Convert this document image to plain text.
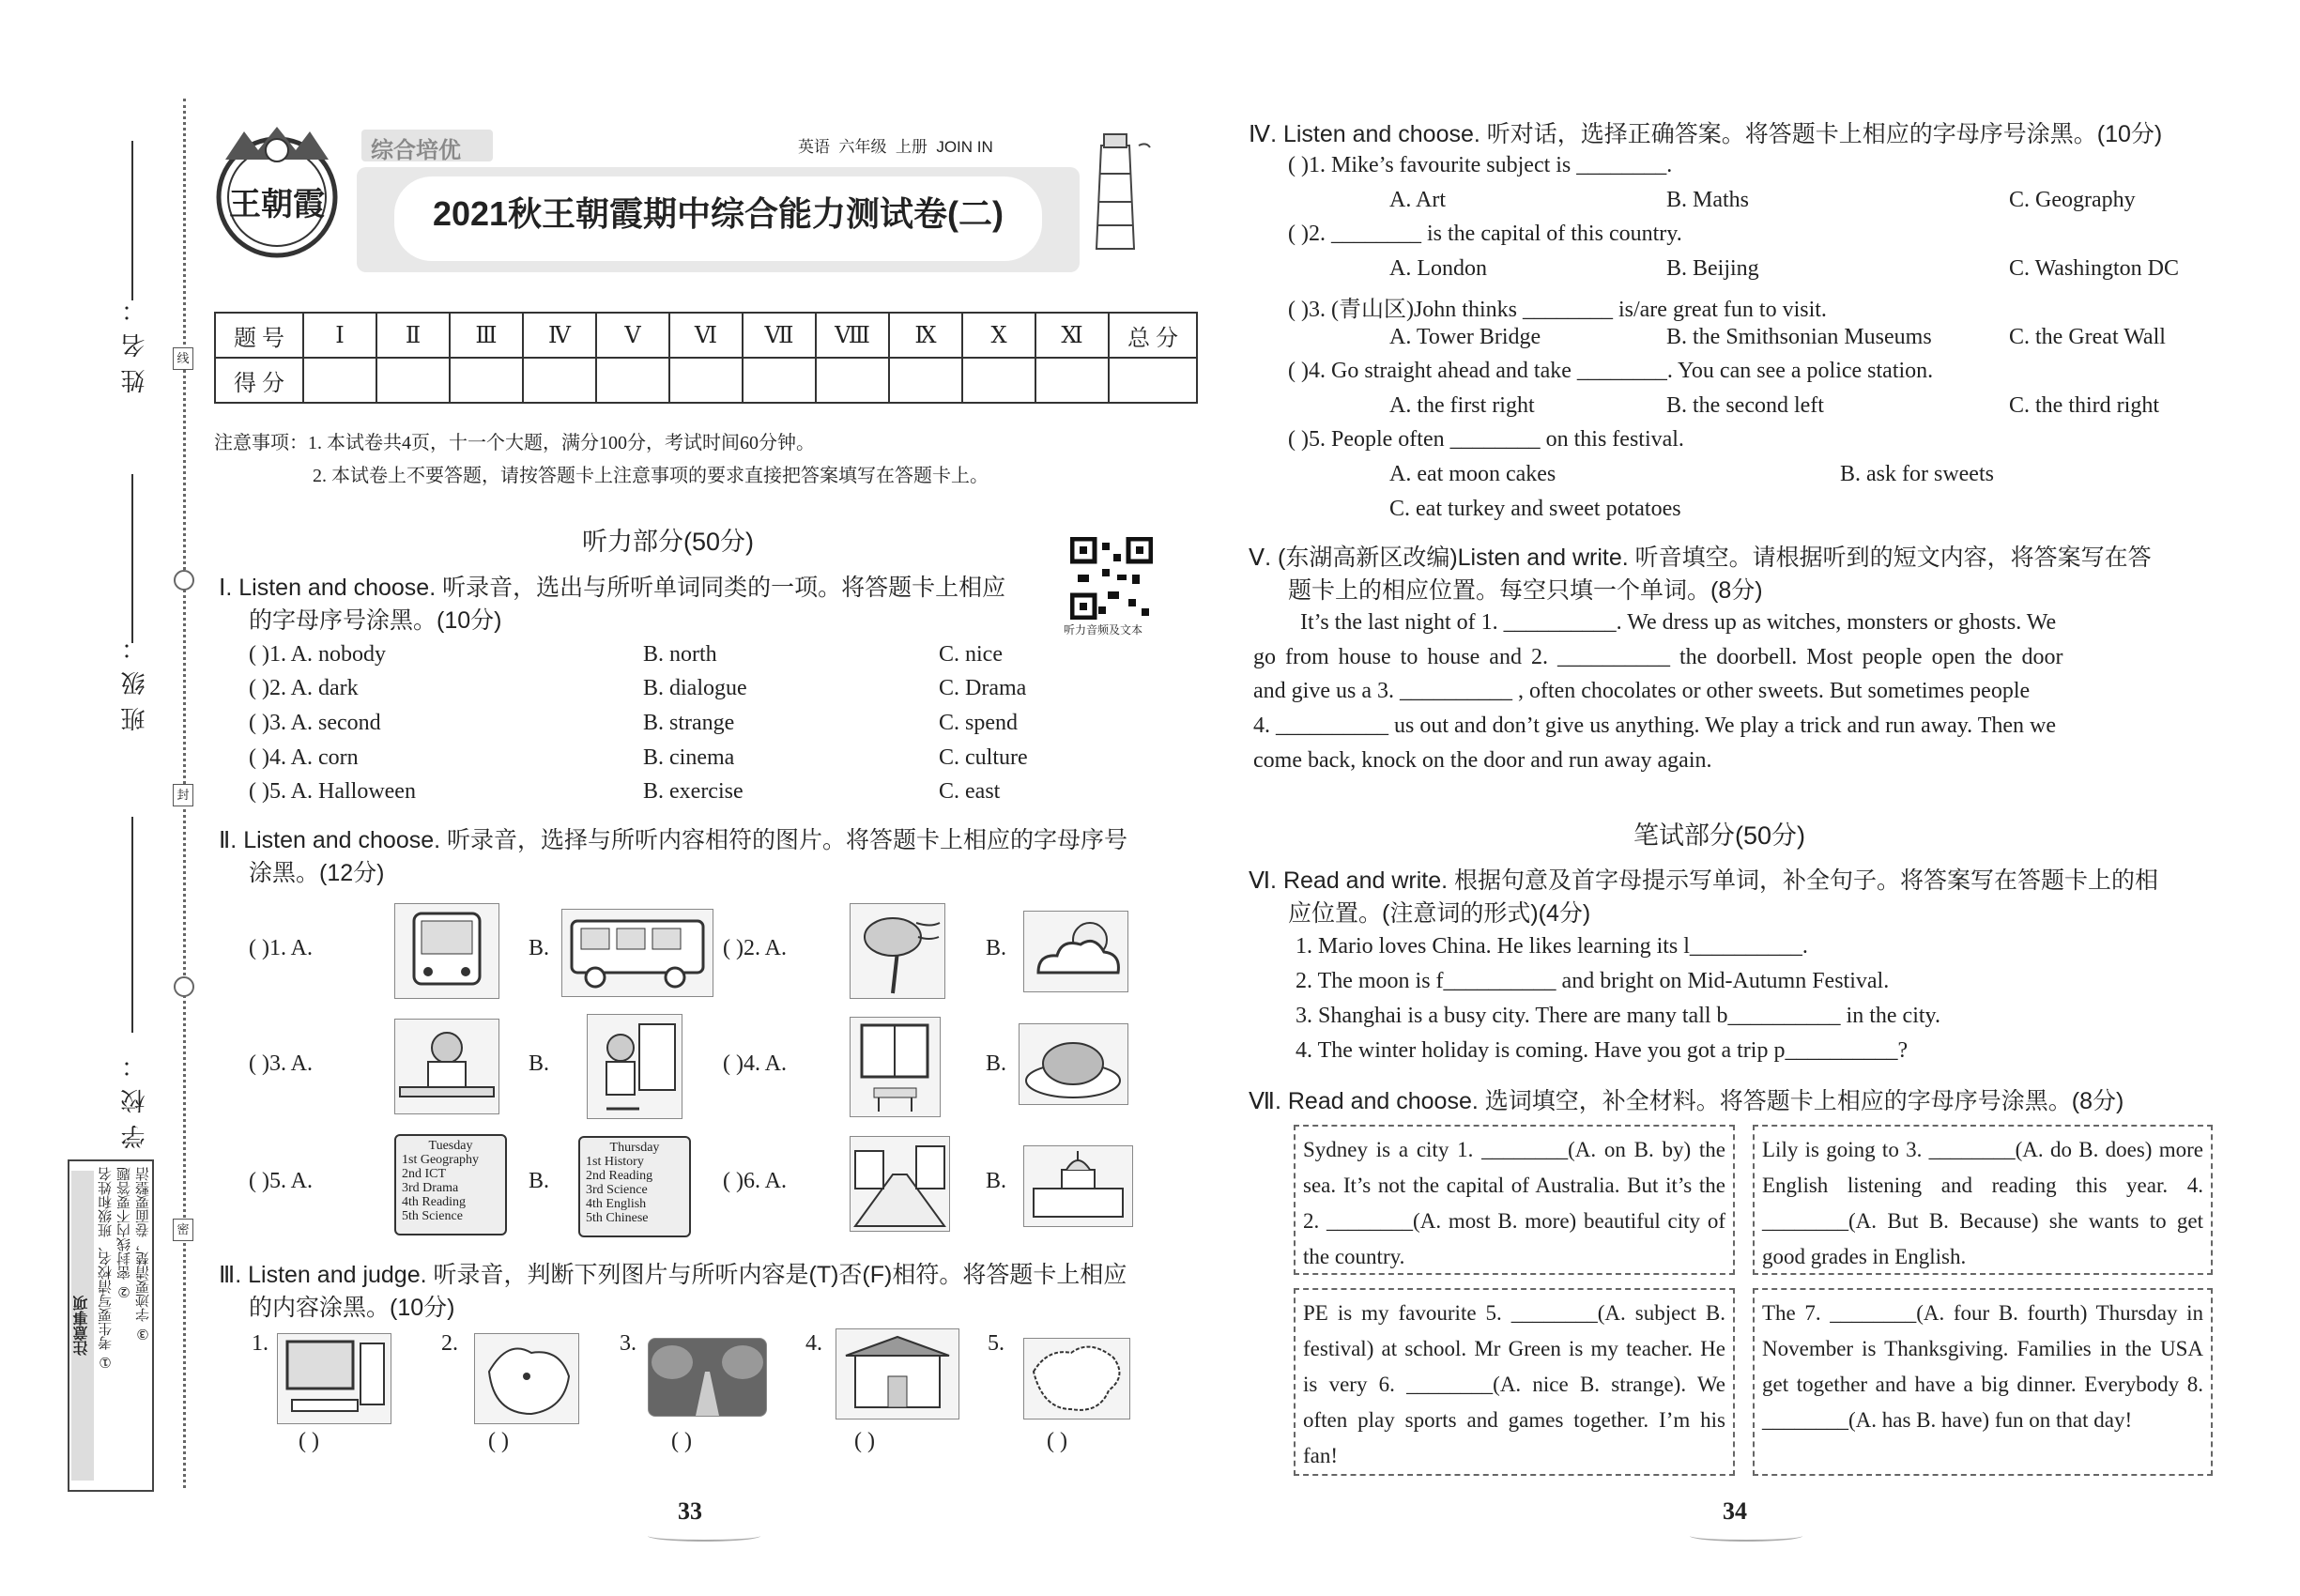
姓名：
班级：
学校：
线
封
密
注意事项 ① 考生要写清校名、班级和姓名 ② 密封线内不要答题 ③ 字迹要清楚，卷面要整洁
王朝霞
综合培优	英语  六年级  上册  JOIN IN
2021秋王朝霞期中综合能力测试卷(二)
题 号	Ⅰ	Ⅱ	Ⅲ	Ⅳ	Ⅴ	Ⅵ	Ⅶ	Ⅷ	Ⅸ	Ⅹ	Ⅺ	总 分
得 分												
注意事项：1. 本试卷共4页，十一个大题，满分100分，考试时间60分钟。
2. 本试卷上不要答题，请按答题卡上注意事项的要求直接把答案填写在答题卡上。
听力部分(50分)
听力音频及文本
Ⅰ. Listen and choose. 听录音，选出与所听单词同类的一项。将答题卡上相应
的字母序号涂黑。(10分)
( )1. A. nobody	B. north	C. nice
( )2. A. dark	B. dialogue	C. Drama
( )3. A. second	B. strange	C. spend
( )4. A. corn	B. cinema	C. culture
( )5. A. Halloween	B. exercise	C. east
Ⅱ. Listen and choose. 听录音，选择与所听内容相符的图片。将答题卡上相应的字母序号
涂黑。(12分)
( )1. A.	B.	( )2. A.	B.
( )3. A.	B.	( )4. A.	B.
( )5. A.
Tuesday
1st Geography
2nd ICT
3rd Drama
4th Reading
5th Science
B.
Thursday
1st History
2nd Reading
3rd Science
4th English
5th Chinese
( )6. A.	B.
Ⅲ. Listen and judge. 听录音，判断下列图片与所听内容是(T)否(F)相符。将答题卡上相应
的内容涂黑。(10分)
1.
( )
2.
( )
3.
( )
4.
( )
5.
( )
33
Ⅳ. Listen and choose. 听对话，选择正确答案。将答题卡上相应的字母序号涂黑。(10分)
( )1. Mike’s favourite subject is ________.
A. Art	B. Maths	C. Geography
( )2. ________ is the capital of this country.
A. London	B. Beijing	C. Washington DC
( )3. (青山区)John thinks ________ is/are great fun to visit.
A. Tower Bridge	B. the Smithsonian Museums	C. the Great Wall
( )4. Go straight ahead and take ________. You can see a police station.
A. the first right	B. the second left	C. the third right
( )5. People often ________ on this festival.
A. eat moon cakes	B. ask for sweets
C. eat turkey and sweet potatoes
Ⅴ. (东湖高新区改编)Listen and write. 听音填空。请根据听到的短文内容，将答案写在答
题卡上的相应位置。每空只填一个单词。(8分)
It’s the last night of 1. __________. We dress up as witches, monsters or ghosts. We
go from house to house and 2. __________ the doorbell. Most people open the door
and give us a 3. __________ , often chocolates or other sweets. But sometimes people
4. __________ us out and don’t give us anything. We play a trick and run away. Then we
come back, knock on the door and run away again.
笔试部分(50分)
Ⅵ. Read and write. 根据句意及首字母提示写单词，补全句子。将答案写在答题卡上的相
应位置。(注意词的形式)(4分)
1. Mario loves China. He likes learning its l__________.
2. The moon is f__________ and bright on Mid-Autumn Festival.
3. Shanghai is a busy city. There are many tall b__________ in the city.
4. The winter holiday is coming. Have you got a trip p__________?
Ⅶ. Read and choose. 选词填空，补全材料。将答题卡上相应的字母序号涂黑。(8分)
Sydney is a city 1. ________(A. on B. by) the sea. It’s not the capital of Australia. But it’s the 2. ________(A. most B. more) beautiful city of the country.
Lily is going to 3. ________(A. do B. does) more English listening and reading this year. 4. ________(A. But B. Because) she wants to get good grades in English.
PE is my favourite 5. ________(A. subject B. festival) at school. Mr Green is my teacher. He is very 6. ________(A. nice B. strange). We often play sports and games together. I’m his fan!
The 7. ________(A. four B. fourth) Thursday in November is Thanksgiving. Families in the USA get together and have a big dinner. Everybody 8. ________(A. has B. have) fun on that day!
34
